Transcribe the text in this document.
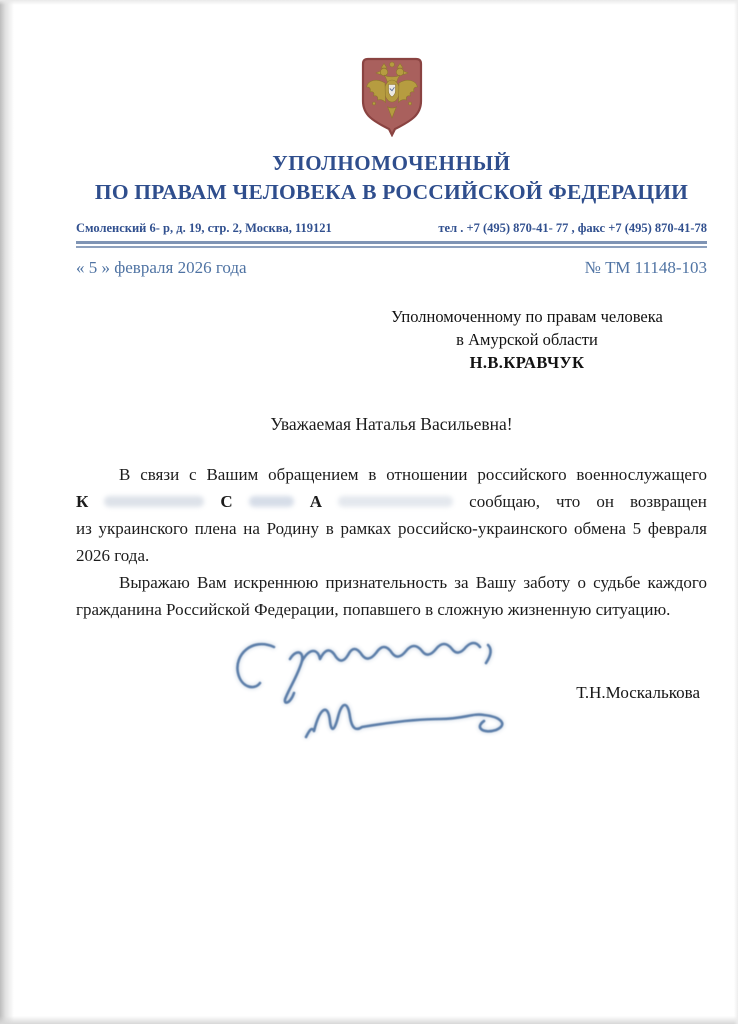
УПОЛНОМОЧЕННЫЙ
ПО ПРАВАМ ЧЕЛОВЕКА В РОССИЙСКОЙ ФЕДЕРАЦИИ
Смоленский 6- р, д. 19, стр. 2, Москва, 119121	тел . +7 (495) 870-41- 77 , факс +7 (495) 870-41-78
« 5 » февраля 2026 года	№ ТМ 11148-103
Уполномоченному по правам человека
в Амурской области
Н.В.КРАВЧУК
Уважаемая Наталья Васильевна!
В связи с Вашим обращением в отношении российского военнослужащего
К	С	А	сообщаю, что он возвращен
из украинского плена на Родину в рамках российско-украинского обмена 5 февраля
2026 года.
Выражаю Вам искреннюю признательность за Вашу заботу о судьбе каждого
гражданина Российской Федерации, попавшего в сложную жизненную ситуацию.
Т.Н.Москалькова
